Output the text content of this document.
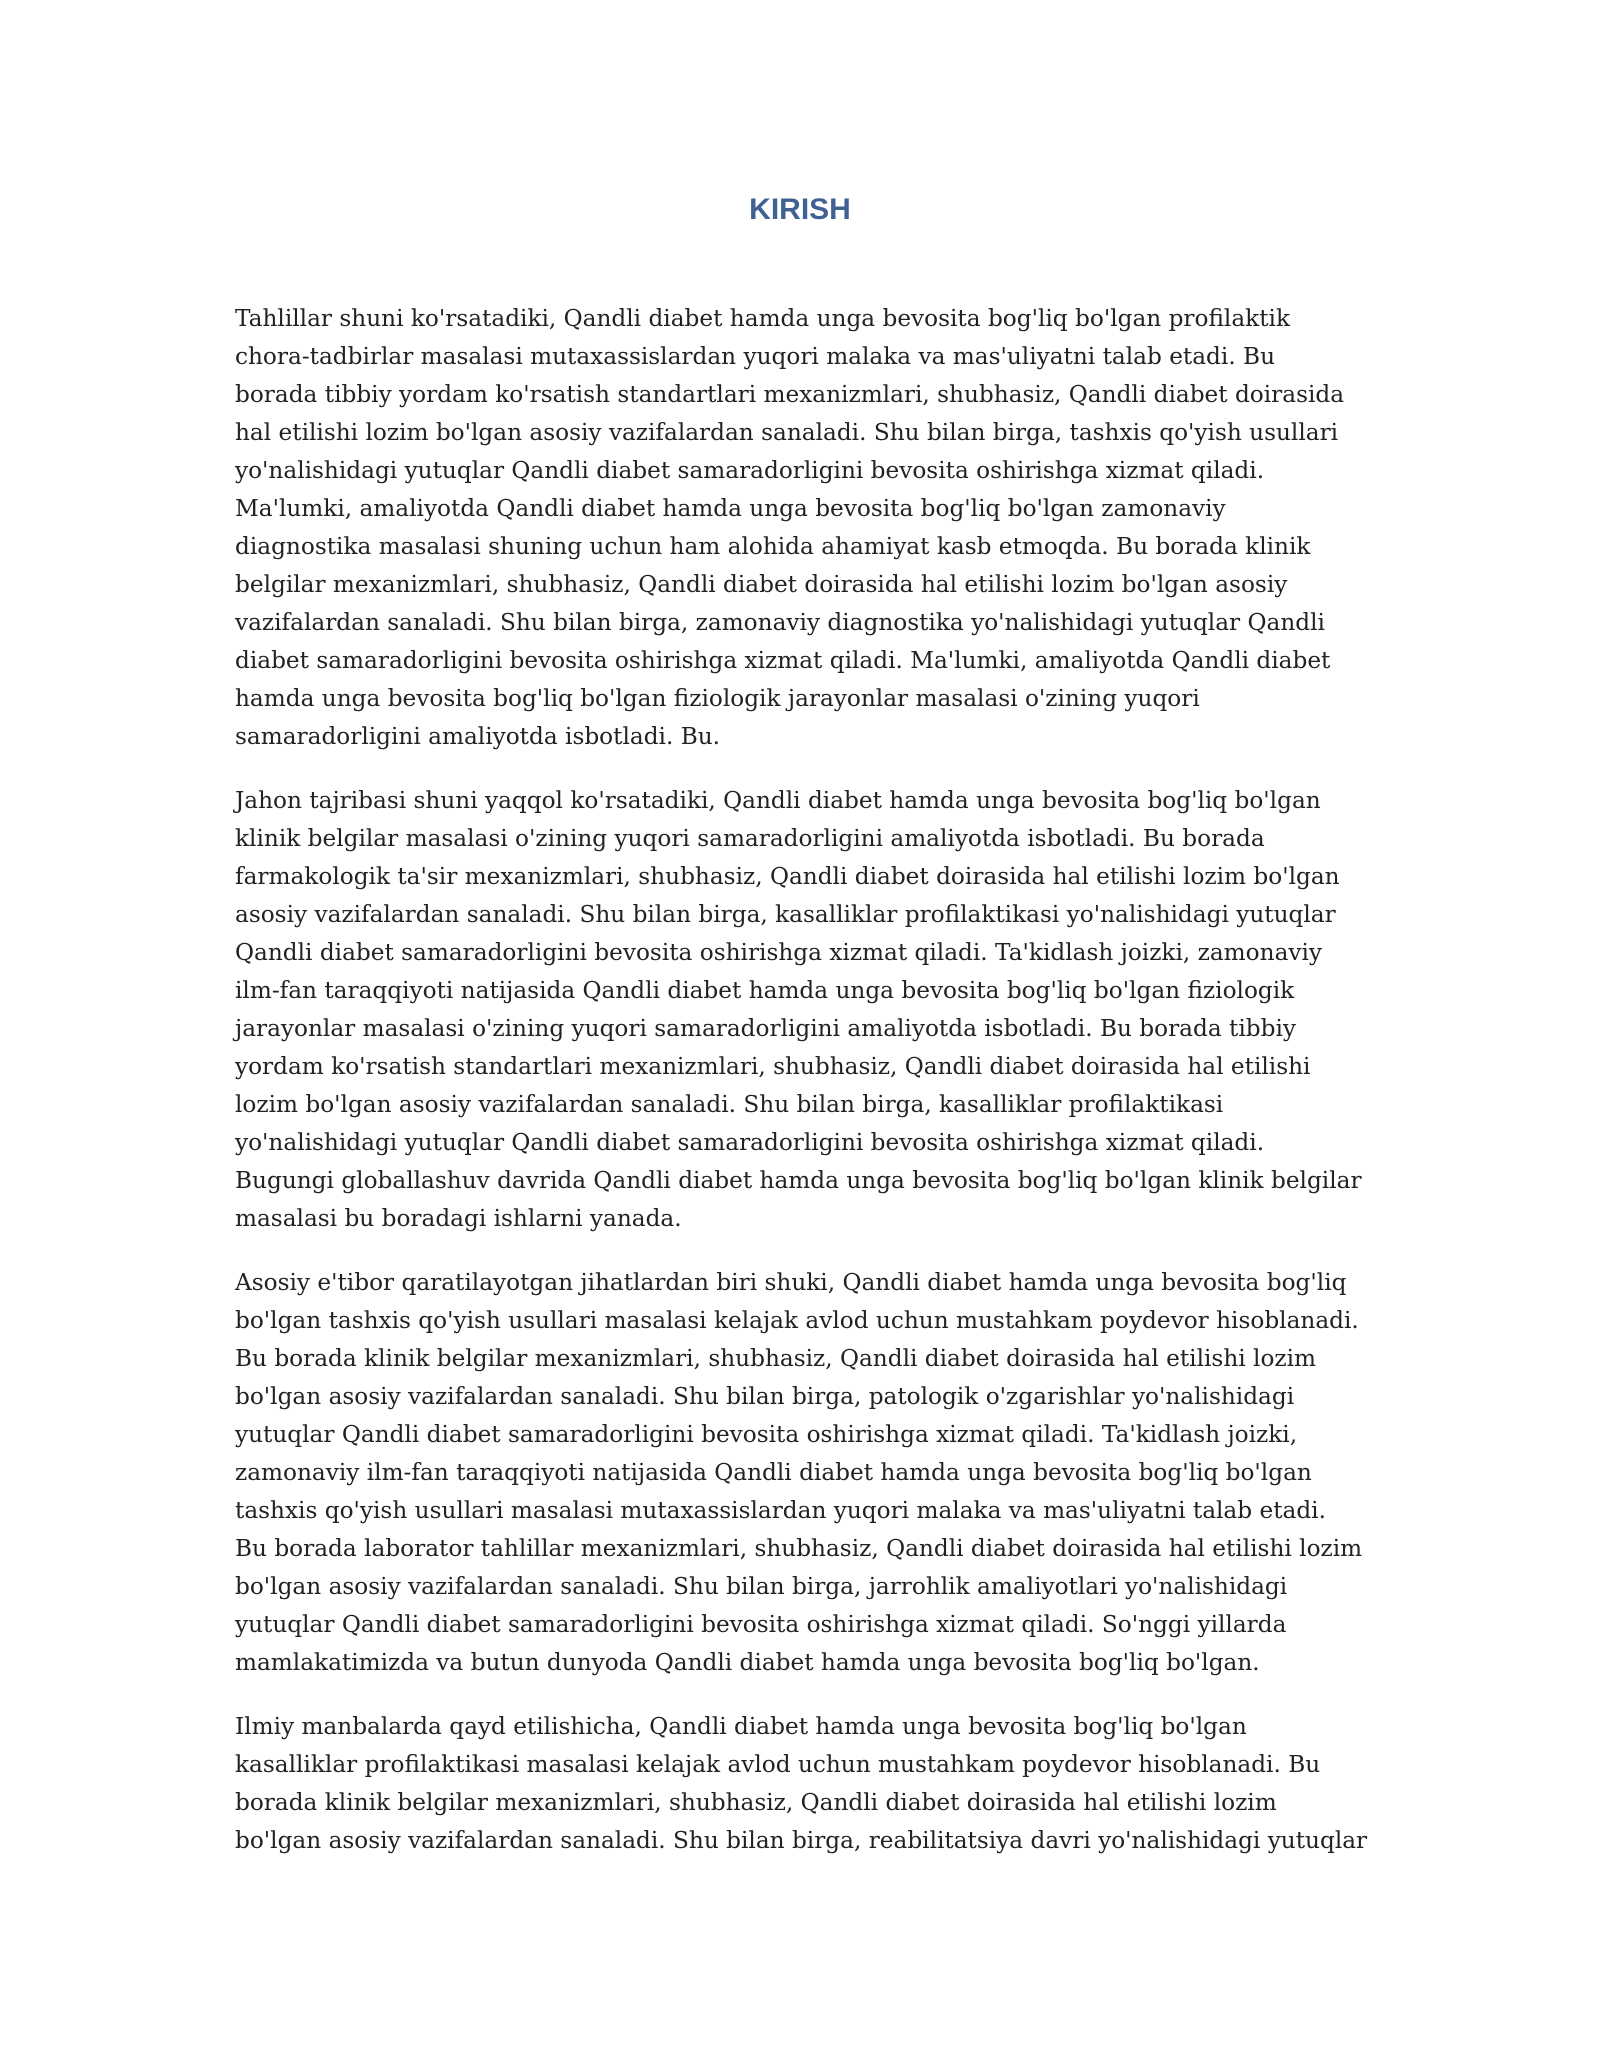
KIRISH

Tahlillar shuni ko'rsatadiki, Qandli diabet hamda unga bevosita bog'liq bo'lgan profilaktik
chora-tadbirlar masalasi mutaxassislardan yuqori malaka va mas'uliyatni talab etadi. Bu
borada tibbiy yordam ko'rsatish standartlari mexanizmlari, shubhasiz, Qandli diabet doirasida
hal etilishi lozim bo'lgan asosiy vazifalardan sanaladi. Shu bilan birga, tashxis qo'yish usullari
yo'nalishidagi yutuqlar Qandli diabet samaradorligini bevosita oshirishga xizmat qiladi.
Ma'lumki, amaliyotda Qandli diabet hamda unga bevosita bog'liq bo'lgan zamonaviy
diagnostika masalasi shuning uchun ham alohida ahamiyat kasb etmoqda. Bu borada klinik
belgilar mexanizmlari, shubhasiz, Qandli diabet doirasida hal etilishi lozim bo'lgan asosiy
vazifalardan sanaladi. Shu bilan birga, zamonaviy diagnostika yo'nalishidagi yutuqlar Qandli
diabet samaradorligini bevosita oshirishga xizmat qiladi. Ma'lumki, amaliyotda Qandli diabet
hamda unga bevosita bog'liq bo'lgan fiziologik jarayonlar masalasi o'zining yuqori
samaradorligini amaliyotda isbotladi. Bu.

Jahon tajribasi shuni yaqqol ko'rsatadiki, Qandli diabet hamda unga bevosita bog'liq bo'lgan
klinik belgilar masalasi o'zining yuqori samaradorligini amaliyotda isbotladi. Bu borada
farmakologik ta'sir mexanizmlari, shubhasiz, Qandli diabet doirasida hal etilishi lozim bo'lgan
asosiy vazifalardan sanaladi. Shu bilan birga, kasalliklar profilaktikasi yo'nalishidagi yutuqlar
Qandli diabet samaradorligini bevosita oshirishga xizmat qiladi. Ta'kidlash joizki, zamonaviy
ilm-fan taraqqiyoti natijasida Qandli diabet hamda unga bevosita bog'liq bo'lgan fiziologik
jarayonlar masalasi o'zining yuqori samaradorligini amaliyotda isbotladi. Bu borada tibbiy
yordam ko'rsatish standartlari mexanizmlari, shubhasiz, Qandli diabet doirasida hal etilishi
lozim bo'lgan asosiy vazifalardan sanaladi. Shu bilan birga, kasalliklar profilaktikasi
yo'nalishidagi yutuqlar Qandli diabet samaradorligini bevosita oshirishga xizmat qiladi.
Bugungi globallashuv davrida Qandli diabet hamda unga bevosita bog'liq bo'lgan klinik belgilar
masalasi bu boradagi ishlarni yanada.

Asosiy e'tibor qaratilayotgan jihatlardan biri shuki, Qandli diabet hamda unga bevosita bog'liq
bo'lgan tashxis qo'yish usullari masalasi kelajak avlod uchun mustahkam poydevor hisoblanadi.
Bu borada klinik belgilar mexanizmlari, shubhasiz, Qandli diabet doirasida hal etilishi lozim
bo'lgan asosiy vazifalardan sanaladi. Shu bilan birga, patologik o'zgarishlar yo'nalishidagi
yutuqlar Qandli diabet samaradorligini bevosita oshirishga xizmat qiladi. Ta'kidlash joizki,
zamonaviy ilm-fan taraqqiyoti natijasida Qandli diabet hamda unga bevosita bog'liq bo'lgan
tashxis qo'yish usullari masalasi mutaxassislardan yuqori malaka va mas'uliyatni talab etadi.
Bu borada laborator tahlillar mexanizmlari, shubhasiz, Qandli diabet doirasida hal etilishi lozim
bo'lgan asosiy vazifalardan sanaladi. Shu bilan birga, jarrohlik amaliyotlari yo'nalishidagi
yutuqlar Qandli diabet samaradorligini bevosita oshirishga xizmat qiladi. So'nggi yillarda
mamlakatimizda va butun dunyoda Qandli diabet hamda unga bevosita bog'liq bo'lgan.

Ilmiy manbalarda qayd etilishicha, Qandli diabet hamda unga bevosita bog'liq bo'lgan
kasalliklar profilaktikasi masalasi kelajak avlod uchun mustahkam poydevor hisoblanadi. Bu
borada klinik belgilar mexanizmlari, shubhasiz, Qandli diabet doirasida hal etilishi lozim
bo'lgan asosiy vazifalardan sanaladi. Shu bilan birga, reabilitatsiya davri yo'nalishidagi yutuqlar
